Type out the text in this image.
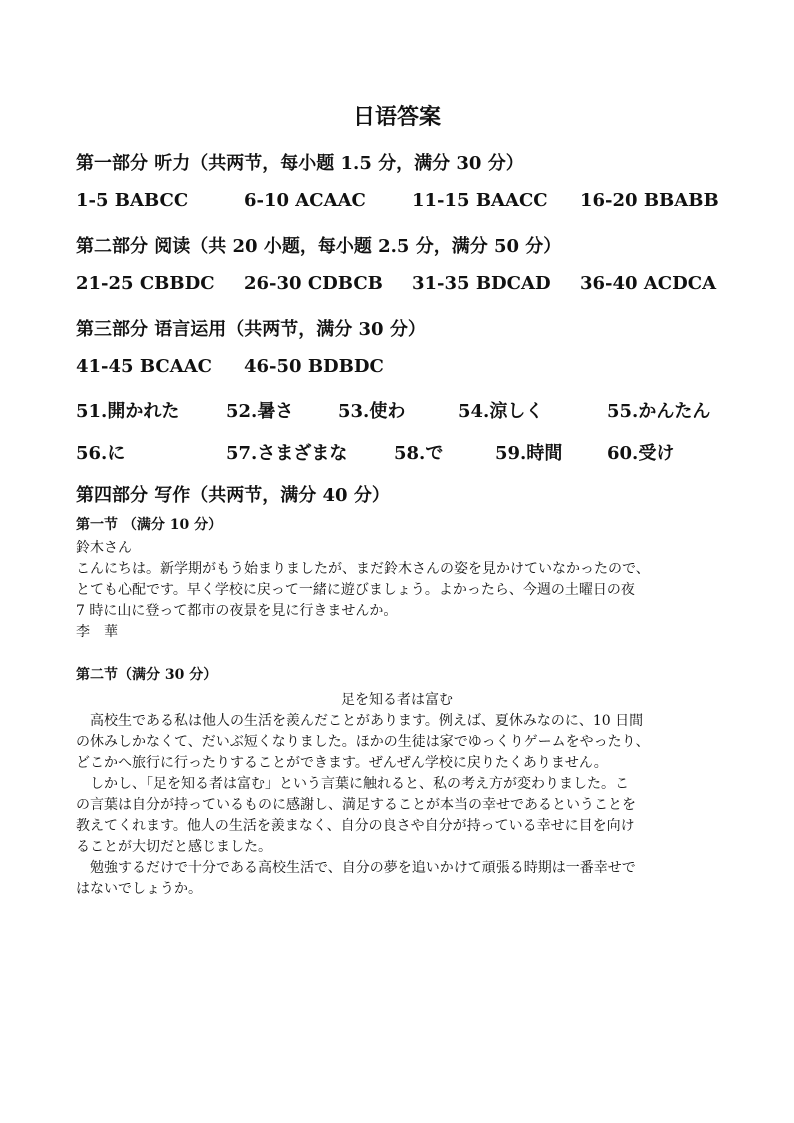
日语答案
第一部分 听力（共两节，每小题 1.5 分，满分 30 分）
1-5 BABCC	6-10 ACAAC	11-15 BAACC 16-20 BBABB
第二部分 阅读（共 20 小题，每小题 2.5 分，满分 50 分）
21-25 CBBDC 26-30 CDBCB 31-35 BDCAD 36-40 ACDCA
第三部分 语言运用（共两节，满分 30 分）
41-45 BCAAC 46-50 BDBDC
51.開かれた	52.暑さ 53.使わ	54.涼しく	55.かんたん
56.に	57.さまざまな	58.で	59.時間 60.受け
第四部分 写作（共两节，满分 40 分）
第一节 （满分 10 分）
鈴木さん
こんにちは。新学期がもう始まりましたが、まだ鈴木さんの姿を見かけていなかったので、
とても心配です。早く学校に戻って一緒に遊びましょう。よかったら、今週の土曜日の夜
7 時に山に登って都市の夜景を見に行きませんか。
李　華
第二节（满分 30 分）
足を知る者は富む
　高校生である私は他人の生活を羨んだことがあります。例えば、夏休みなのに、10 日間
の休みしかなくて、だいぶ短くなりました。ほかの生徒は家でゆっくりゲームをやったり、
どこかへ旅行に行ったりすることができます。ぜんぜん学校に戻りたくありません。
　しかし、「足を知る者は富む」という言葉に触れると、私の考え方が変わりました。こ
の言葉は自分が持っているものに感謝し、満足することが本当の幸せであるということを
教えてくれます。他人の生活を羨まなく、自分の良さや自分が持っている幸せに目を向け
ることが大切だと感じました。
　勉強するだけで十分である高校生活で、自分の夢を追いかけて頑張る時期は一番幸せで
はないでしょうか。
